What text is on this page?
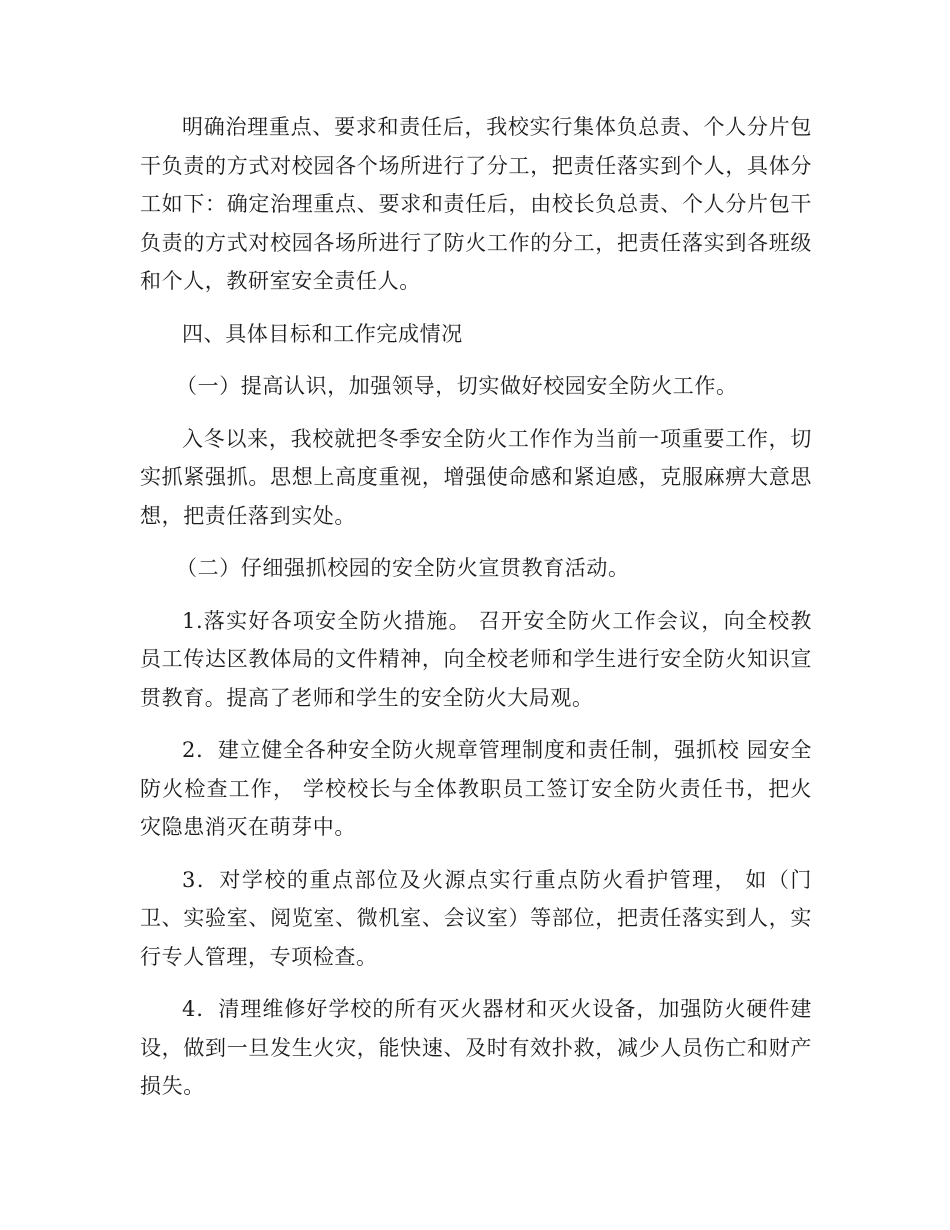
明确治理重点、要求和责任后，我校实行集体负总责、个人分片包干负责的方式对校园各个场所进行了分工，把责任落实到个人，具体分工如下：确定治理重点、要求和责任后，由校长负总责、个人分片包干负责的方式对校园各场所进行了防火工作的分工，把责任落实到各班级和个人，教研室安全责任人。

四、具体目标和工作完成情况

（一）提高认识，加强领导，切实做好校园安全防火工作。

入冬以来，我校就把冬季安全防火工作作为当前一项重要工作，切实抓紧强抓。思想上高度重视，增强使命感和紧迫感，克服麻痹大意思想，把责任落到实处。

（二）仔细强抓校园的安全防火宣贯教育活动。

1.落实好各项安全防火措施。 召开安全防火工作会议，向全校教员工传达区教体局的文件精神，向全校老师和学生进行安全防火知识宣贯教育。提高了老师和学生的安全防火大局观。

2．建立健全各种安全防火规章管理制度和责任制，强抓校 园安全防火检查工作， 学校校长与全体教职员工签订安全防火责任书，把火灾隐患消灭在萌芽中。

3．对学校的重点部位及火源点实行重点防火看护管理， 如（门卫、实验室、阅览室、微机室、会议室）等部位，把责任落实到人，实行专人管理，专项检查。

4．清理维修好学校的所有灭火器材和灭火设备，加强防火硬件建设，做到一旦发生火灾，能快速、及时有效扑救，减少人员伤亡和财产损失。
